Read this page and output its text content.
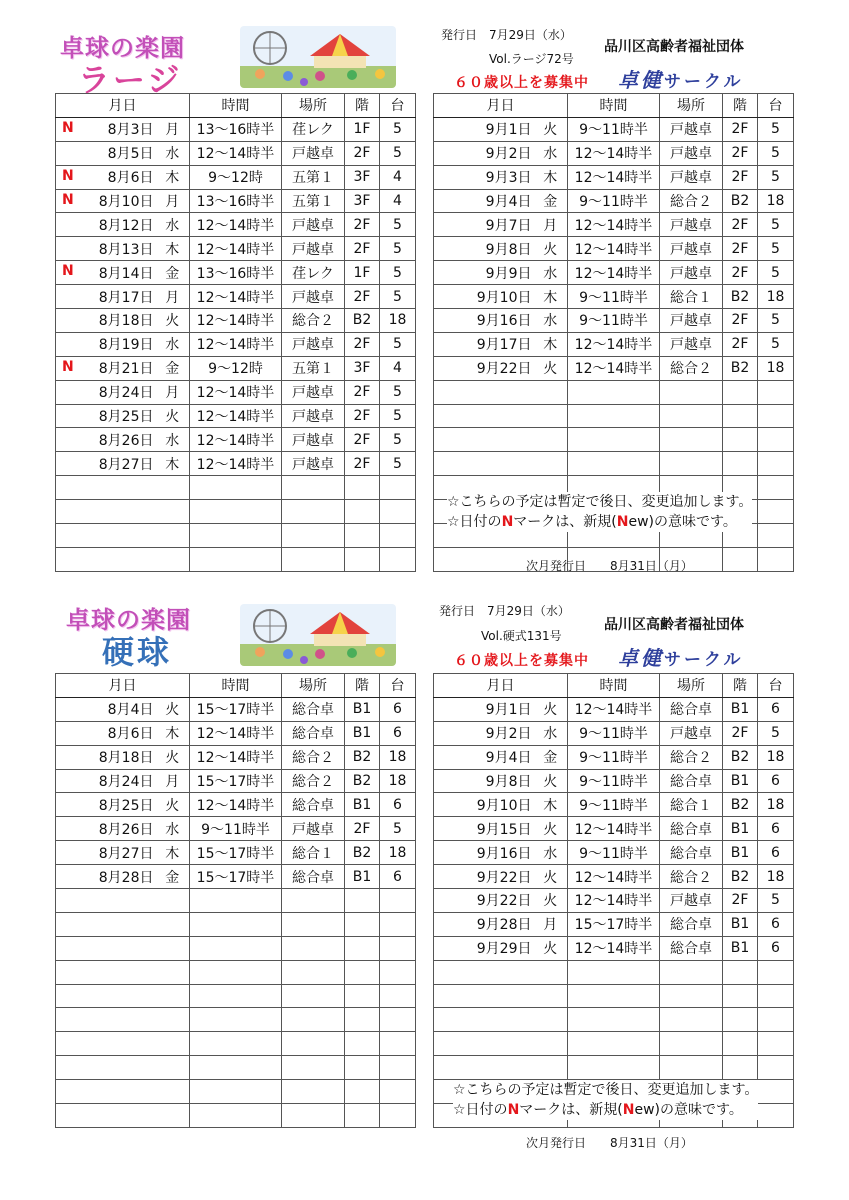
卓球の楽園
ラージ
発行日　7月29日（水）
Vol.ラージ72号
品川区高齢者福祉団体
６０歳以上を募集中 卓健サークル
月日		時間	場所	階	台

N 8月3日	月	13～16時半	荏レク	1F	5
8月5日	水	12～14時半	戸越卓	2F	5

N 8月6日	木	9～12時	五第１	3F	4

N 8月10日	月	13～16時半	五第１	3F	4
8月12日	水	12～14時半	戸越卓	2F	5
8月13日	木	12～14時半	戸越卓	2F	5

N 8月14日	金	13～16時半	荏レク	1F	5
8月17日	月	12～14時半	戸越卓	2F	5
8月18日	火	12～14時半	総合２	B2	18
8月19日	水	12～14時半	戸越卓	2F	5

N 8月21日	金	9～12時	五第１	3F	4
8月24日	月	12～14時半	戸越卓	2F	5
8月25日	火	12～14時半	戸越卓	2F	5
8月26日	水	12～14時半	戸越卓	2F	5
8月27日	木	12～14時半	戸越卓	2F	5

月日		時間	場所	階	台
9月1日	火	9～11時半	戸越卓	2F	5
9月2日	水	12～14時半	戸越卓	2F	5
9月3日	木	12～14時半	戸越卓	2F	5
9月4日	金	9～11時半	総合２	B2	18
9月7日	月	12～14時半	戸越卓	2F	5
9月8日	火	12～14時半	戸越卓	2F	5
9月9日	水	12～14時半	戸越卓	2F	5
9月10日	木	9～11時半	総合１	B2	18
9月16日	水	9～11時半	戸越卓	2F	5
9月17日	木	12～14時半	戸越卓	2F	5
9月22日	火	12～14時半	総合２	B2	18

☆こちらの予定は暫定で後日、変更追加します。
☆日付のNマークは、新規(New)の意味です。
次月発行日　　8月31日（月）
卓球の楽園
硬球
発行日　7月29日（水）
Vol.硬式131号
品川区高齢者福祉団体
６０歳以上を募集中 卓健サークル
月日		時間	場所	階	台
8月4日	火	15～17時半	総合卓	B1	6
8月6日	木	12～14時半	総合卓	B1	6
8月18日	火	12～14時半	総合２	B2	18
8月24日	月	15～17時半	総合２	B2	18
8月25日	火	12～14時半	総合卓	B1	6
8月26日	水	9～11時半	戸越卓	2F	5
8月27日	木	15～17時半	総合１	B2	18
8月28日	金	15～17時半	総合卓	B1	6

月日		時間	場所	階	台
9月1日	火	12～14時半	総合卓	B1	6
9月2日	水	9～11時半	戸越卓	2F	5
9月4日	金	9～11時半	総合２	B2	18
9月8日	火	9～11時半	総合卓	B1	6
9月10日	木	9～11時半	総合１	B2	18
9月15日	火	12～14時半	総合卓	B1	6
9月16日	水	9～11時半	総合卓	B1	6
9月22日	火	12～14時半	総合２	B2	18
9月22日	火	12～14時半	戸越卓	2F	5
9月28日	月	15～17時半	総合卓	B1	6
9月29日	火	12～14時半	総合卓	B1	6

☆こちらの予定は暫定で後日、変更追加します。
☆日付のNマークは、新規(New)の意味です。
次月発行日　　8月31日（月）
